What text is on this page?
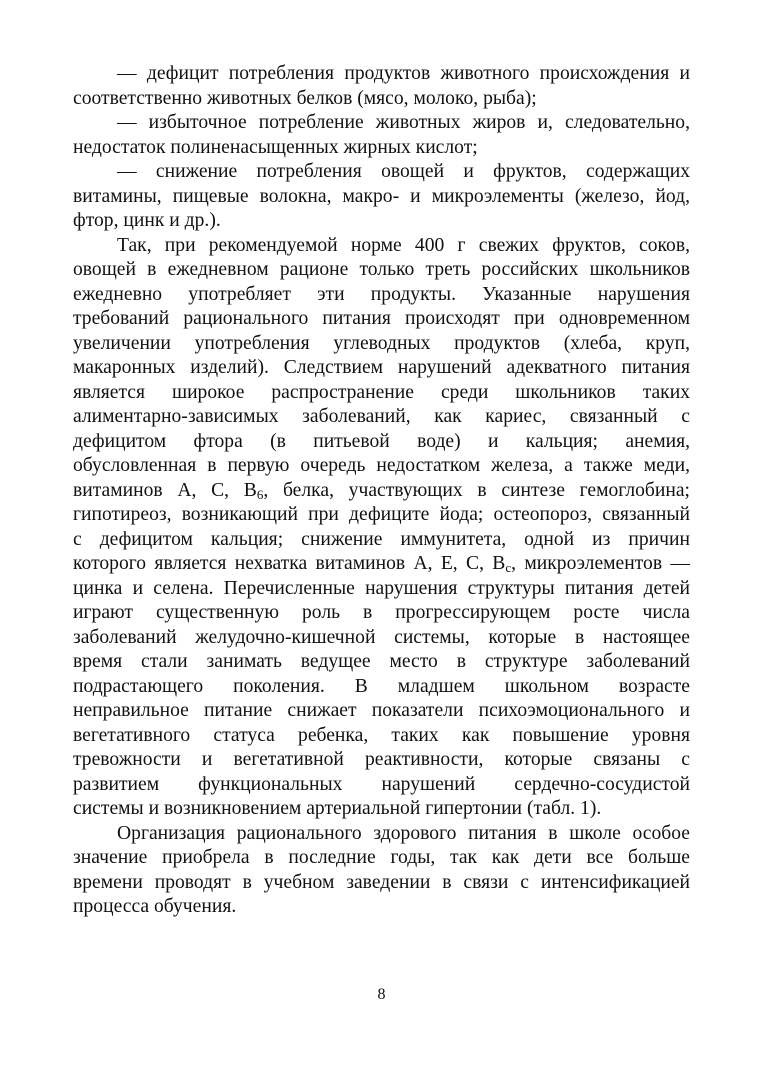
— дефицит потребления продуктов животного происхождения и
соответственно животных белков (мясо, молоко, рыба);
— избыточное потребление животных жиров и, следовательно,
недостаток полиненасыщенных жирных кислот;
— снижение потребления овощей и фруктов, содержащих
витамины, пищевые волокна, макро- и микроэлементы (железо, йод,
фтор, цинк и др.).
Так, при рекомендуемой норме 400 г свежих фруктов, соков,
овощей в ежедневном рационе только треть российских школьников
ежедневно употребляет эти продукты. Указанные нарушения
требований рационального питания происходят при одновременном
увеличении употребления углеводных продуктов (хлеба, круп,
макаронных изделий). Следствием нарушений адекватного питания
является широкое распространение среди школьников таких
алиментарно-зависимых заболеваний, как кариес, связанный с
дефицитом фтора (в питьевой воде) и кальция; анемия,
обусловленная в первую очередь недостатком железа, а также меди,
витаминов А, С, $В_6$, белка, участвующих в синтезе гемоглобина;
гипотиреоз, возникающий при дефиците йода; остеопороз, связанный
с дефицитом кальция; снижение иммунитета, одной из причин
которого является нехватка витаминов А, Е, С, $В_с$, микроэлементов —
цинка и селена. Перечисленные нарушения структуры питания детей
играют существенную роль в прогрессирующем росте числа
заболеваний желудочно-кишечной системы, которые в настоящее
время стали занимать ведущее место в структуре заболеваний
подрастающего поколения. В младшем школьном возрасте
неправильное питание снижает показатели психоэмоционального и
вегетативного статуса ребенка, таких как повышение уровня
тревожности и вегетативной реактивности, которые связаны с
развитием функциональных нарушений сердечно-сосудистой
системы и возникновением артериальной гипертонии (табл. 1).
Организация рационального здорового питания в школе особое
значение приобрела в последние годы, так как дети все больше
времени проводят в учебном заведении в связи с интенсификацией
процесса обучения.
8
